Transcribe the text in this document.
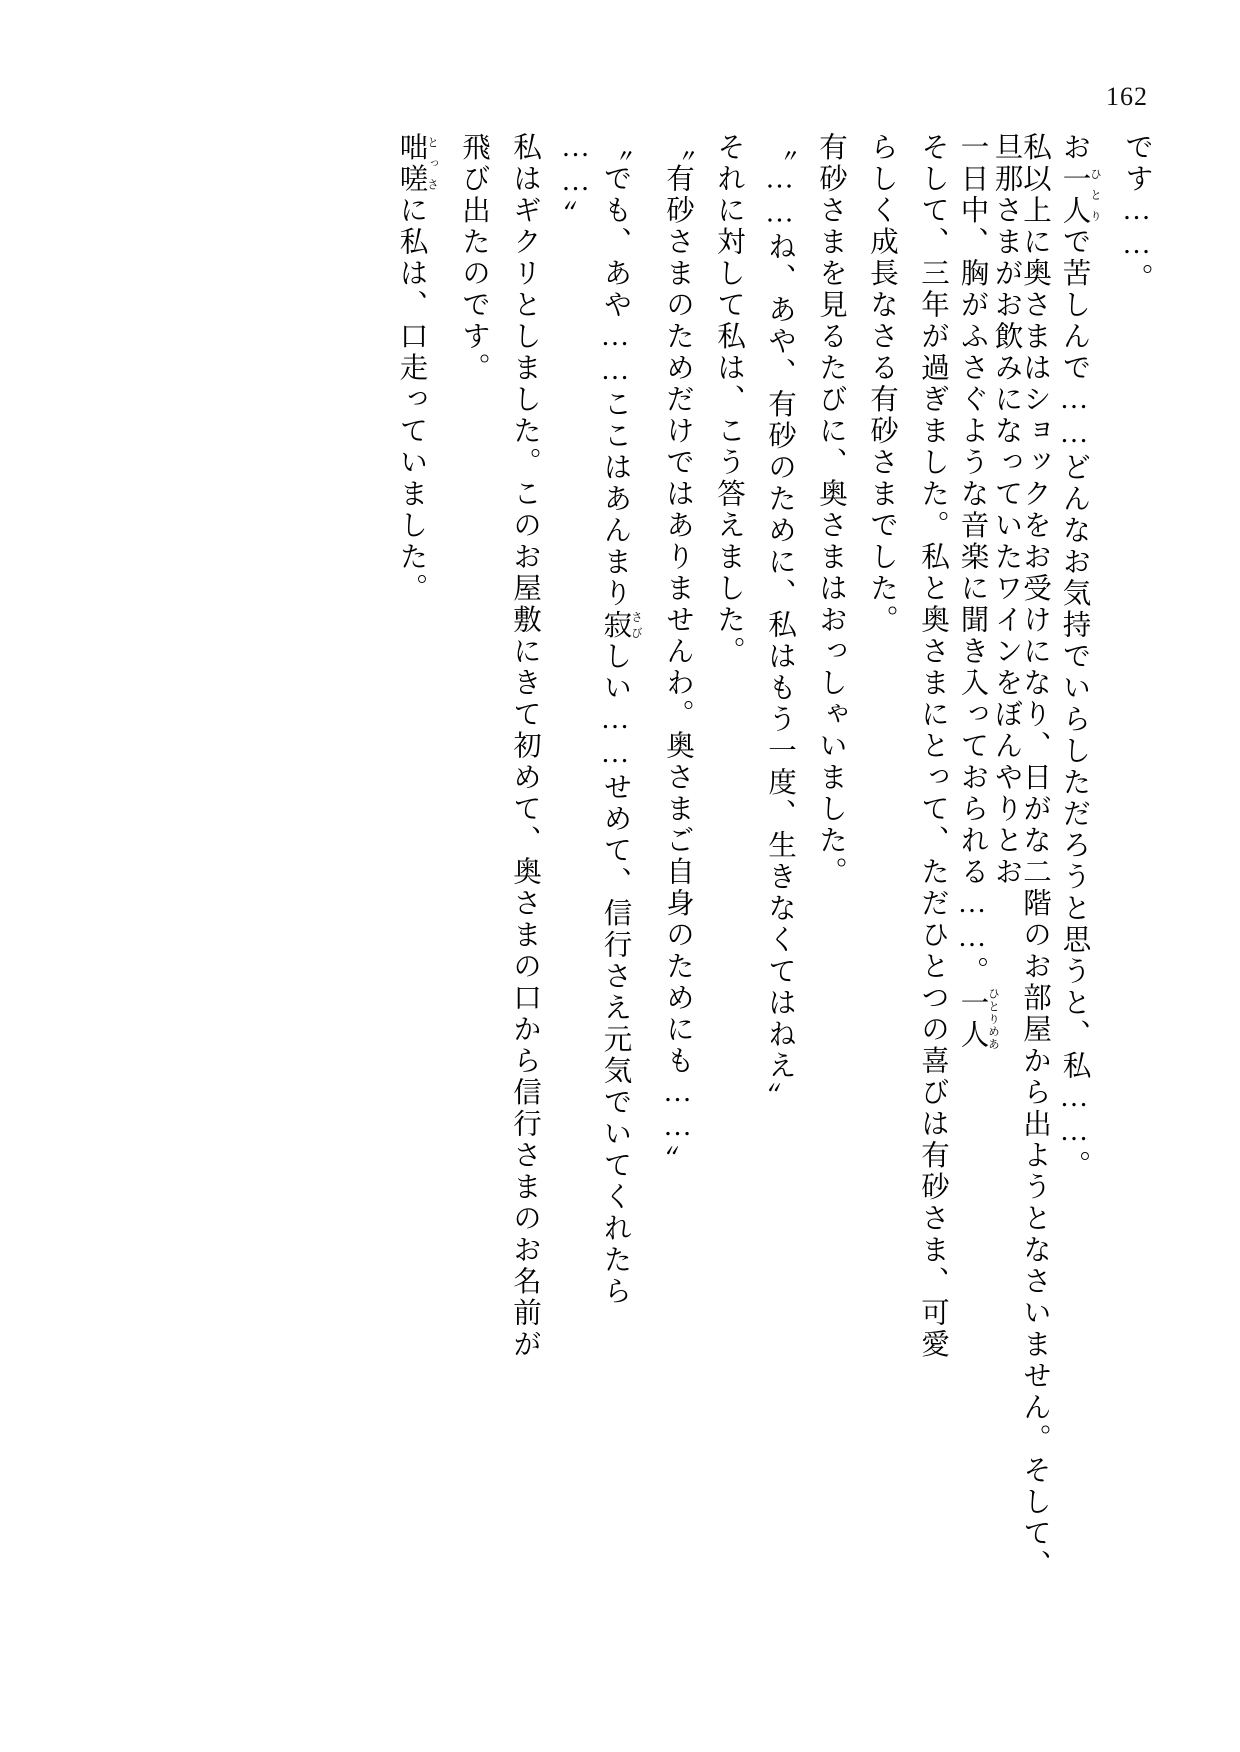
162
です……。
お一人 ひとりで苦しんで……どんなお気持でいらしただろうと思うと、私……。
私以上に奥さまはショックをお受けになり、日がな二階のお部屋から出ようとなさいません。そして、旦那さまがお飲みになっていたワインをぼんやりとお
一日中、胸がふさぐような音楽に聞き入っておられる……。一人 ひとりめあ
そして、三年が過ぎました。私と奥さまにとって、ただひとつの喜びは有砂さま、可愛
らしく成長なさる有砂さまでした。
有砂さまを見るたびに、奥さまはおっしゃいました。
〝……ね、あや、有砂のために、私はもう一度、生きなくてはねえ〟
それに対して私は、こう答えました。
〝有砂さまのためだけではありませんわ。奥さまご自身のためにも……〟
〝でも、あや……ここはあんまり寂 さびしい……せめて、信行さえ元気でいてくれたら
……〟
私はギクリとしました。このお屋敷にきて初めて、奥さまの口から信行さまのお名前が
飛び出たのです。
咄嗟 とっさに私は、口走っていました。
